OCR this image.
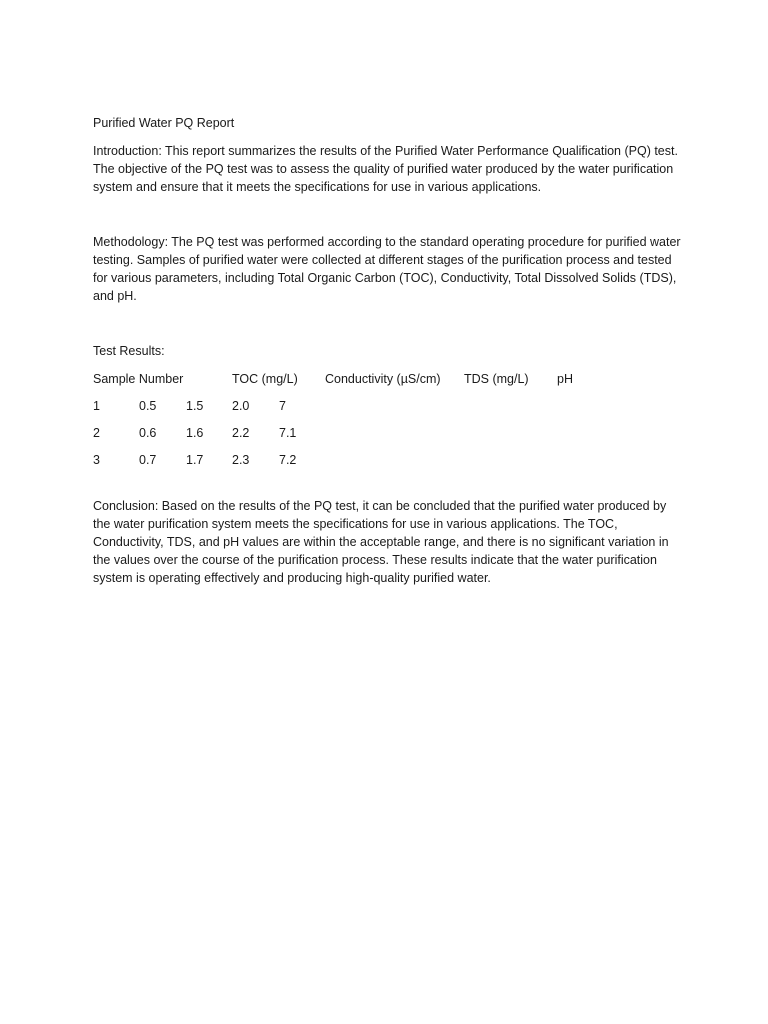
Purified Water PQ Report

Introduction: This report summarizes the results of the Purified Water Performance Qualification (PQ) test. The objective of the PQ test was to assess the quality of purified water produced by the water purification system and ensure that it meets the specifications for use in various applications.

Methodology: The PQ test was performed according to the standard operating procedure for purified water testing. Samples of purified water were collected at different stages of the purification process and tested for various parameters, including Total Organic Carbon (TOC), Conductivity, Total Dissolved Solids (TDS), and pH.

Test Results:

Sample Number	TOC (mg/L) Conductivity (µS/cm) TDS (mg/L) pH
1	0.5 1.5 2.0 7
2	0.6 1.6 2.2 7.1
3	0.7 1.7 2.3 7.2

Conclusion: Based on the results of the PQ test, it can be concluded that the purified water produced by the water purification system meets the specifications for use in various applications. The TOC, Conductivity, TDS, and pH values are within the acceptable range, and there is no significant variation in the values over the course of the purification process. These results indicate that the water purification system is operating effectively and producing high-quality purified water.
